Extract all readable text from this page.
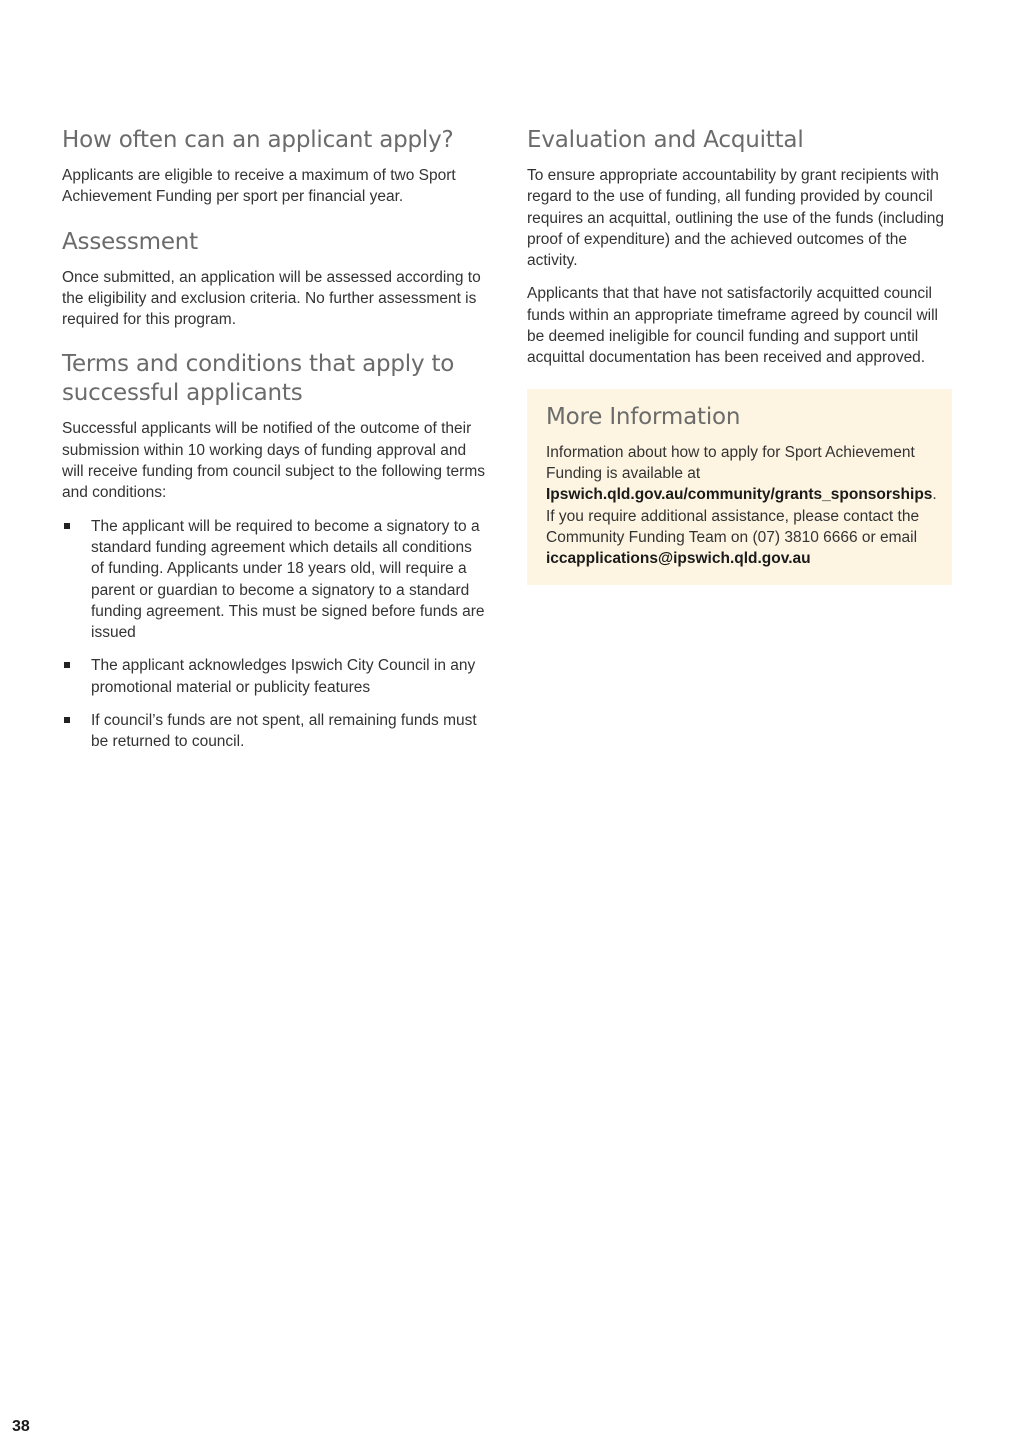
How often can an applicant apply?

Applicants are eligible to receive a maximum of two Sport Achievement Funding per sport per financial year.

Assessment

Once submitted, an application will be assessed according to the eligibility and exclusion criteria. No further assessment is required for this program.

Terms and conditions that apply to successful applicants

Successful applicants will be notified of the outcome of their submission within 10 working days of funding approval and will receive funding from council subject to the following terms and conditions:

The applicant will be required to become a signatory to a standard funding agreement which details all conditions of funding. Applicants under 18 years old, will require a parent or guardian to become a signatory to a standard funding agreement. This must be signed before funds are issued
The applicant acknowledges Ipswich City Council in any promotional material or publicity features
If council’s funds are not spent, all remaining funds must be returned to council.
Evaluation and Acquittal

To ensure appropriate accountability by grant recipients with regard to the use of funding, all funding provided by council requires an acquittal, outlining the use of the funds (including proof of expenditure) and the achieved outcomes of the activity.

Applicants that that have not satisfactorily acquitted council funds within an appropriate timeframe agreed by council will be deemed ineligible for council funding and support until acquittal documentation has been received and approved.

More Information

Information about how to apply for Sport Achievement Funding is available at Ipswich.qld.gov.au/community/grants_sponsorships. If you require additional assistance, please contact the Community Funding Team on (07) 3810 6666 or email iccapplications@ipswich.qld.gov.au

38
